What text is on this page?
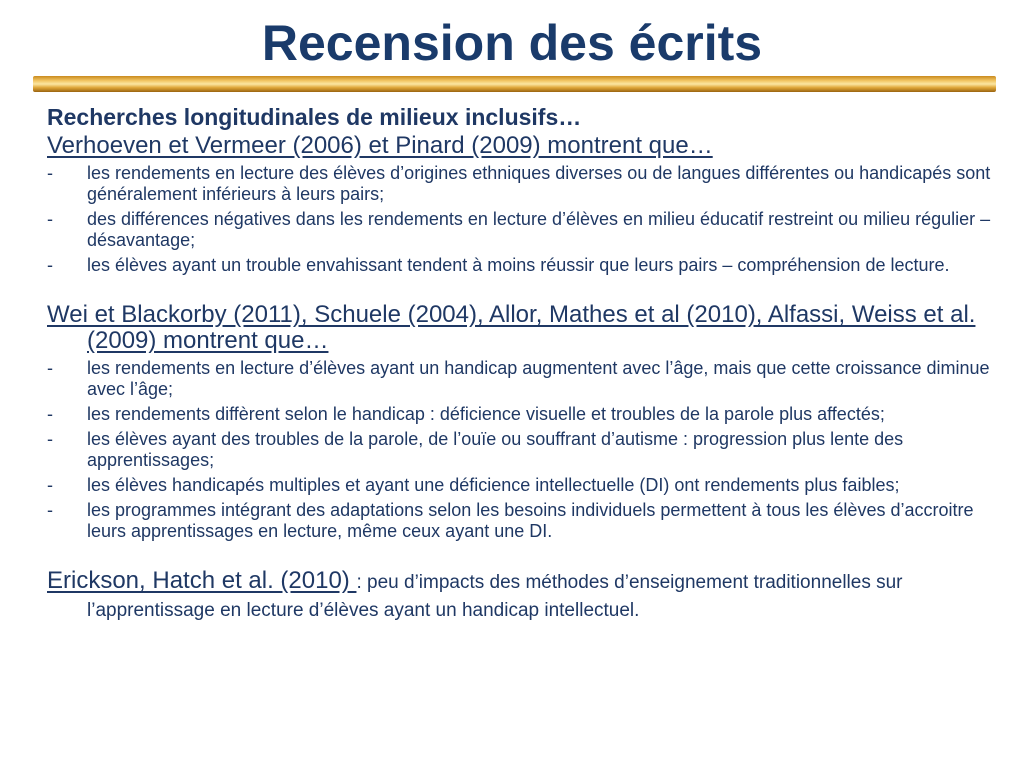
Recension des écrits

Recherches longitudinales de milieux inclusifs…

Verhoeven et Vermeer (2006) et Pinard (2009) montrent que…

- les rendements en lecture des élèves d’origines ethniques diverses ou de langues différentes ou handicapés sont généralement inférieurs à leurs pairs;
- des différences négatives dans les rendements en lecture d’élèves en milieu éducatif restreint ou milieu régulier – désavantage;
- les élèves ayant un trouble envahissant tendent à moins réussir que leurs pairs – compréhension de lecture.

Wei et Blackorby (2011), Schuele (2004), Allor, Mathes et al (2010), Alfassi, Weiss et al. (2009) montrent que…

- les rendements en lecture d’élèves ayant un handicap augmentent avec l’âge, mais que cette croissance diminue avec l’âge;
- les rendements diffèrent selon le handicap : déficience visuelle et troubles de la parole plus affectés;
- les élèves ayant des troubles de la parole, de l’ouïe ou souffrant d’autisme : progression plus lente des apprentissages;
- les élèves handicapés multiples et ayant une déficience intellectuelle (DI) ont rendements plus faibles;
- les programmes intégrant des adaptations selon les besoins individuels permettent à tous les élèves d’accroitre leurs apprentissages en lecture, même ceux ayant une DI.

Erickson, Hatch et al. (2010) : peu d’impacts des méthodes d’enseignement traditionnelles sur l’apprentissage en lecture d’élèves ayant un handicap intellectuel.
